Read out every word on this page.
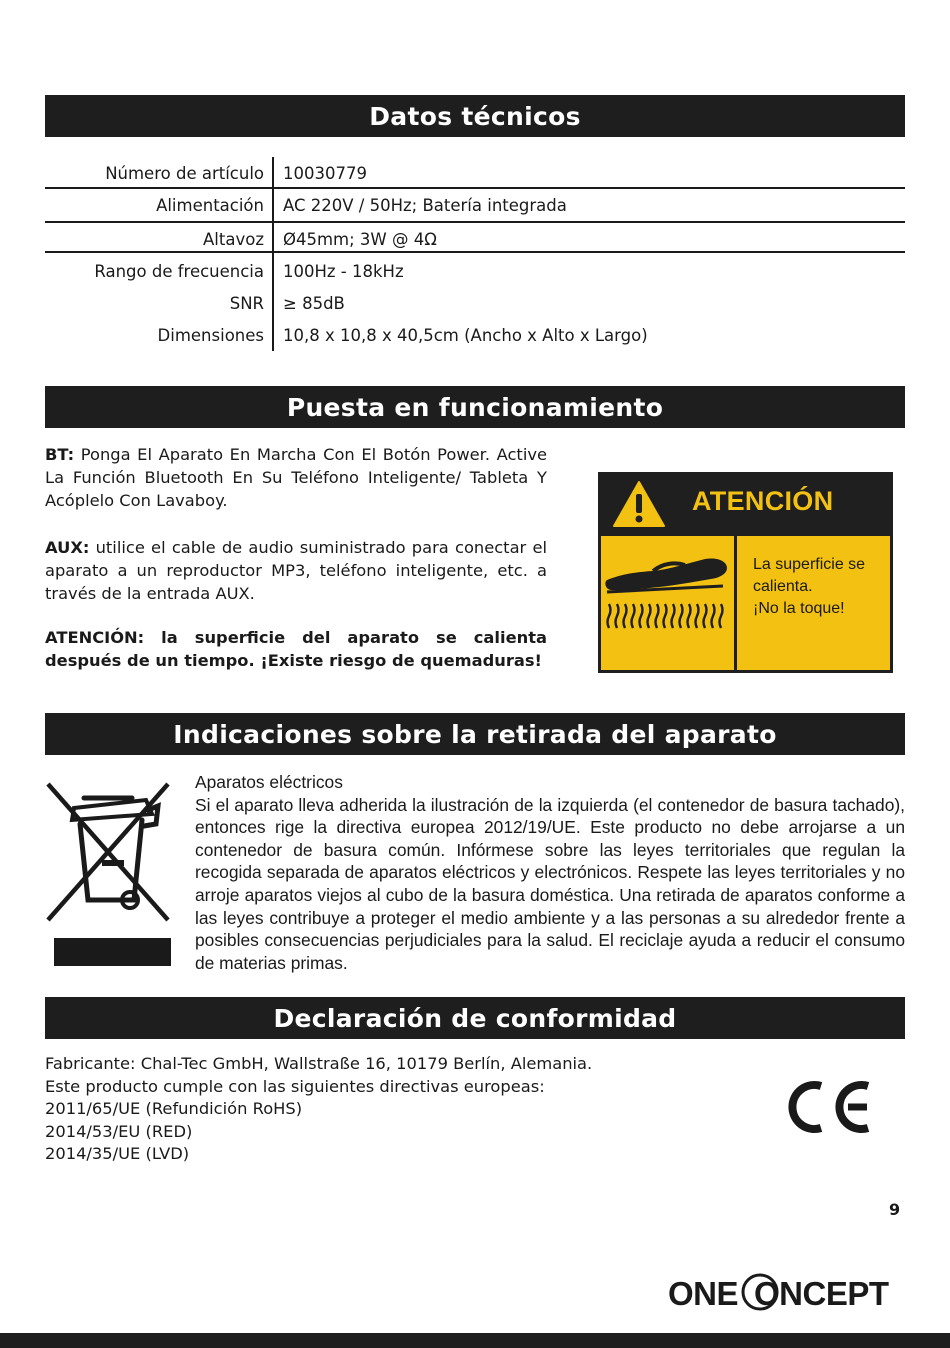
Datos técnicos
Número de artículo	10030779
Alimentación	AC 220V / 50Hz; Batería integrada
Altavoz	Ø45mm; 3W @ 4Ω
Rango de frecuencia	100Hz - 18kHz
SNR	≥ 85dB
Dimensiones	10,8 x 10,8 x 40,5cm (Ancho x Alto x Largo)
Puesta en funcionamiento
BT: Ponga El Aparato En Marcha Con El Botón Power. Active La Función Bluetooth En Su Teléfono Inteligente/ Tableta Y Acóplelo Con Lavaboy.
AUX: utilice el cable de audio suministrado para conectar el aparato a un reproductor MP3, teléfono inteligente, etc. a través de la entrada AUX.
ATENCIÓN: la superficie del aparato se calienta después de un tiempo. ¡Existe riesgo de quemaduras!
ATENCIÓN
La superficie se
calienta.
¡No la toque!
Indicaciones sobre la retirada del aparato
Aparatos eléctricos
Si el aparato lleva adherida la ilustración de la izquierda (el contenedor de basura tachado), entonces rige la directiva europea 2012/19/UE. Este producto no debe arrojarse a un contenedor de basura común. Infórmese sobre las leyes territoriales que regulan la recogida separada de aparatos eléctricos y electrónicos. Respete las leyes territoriales y no arroje aparatos viejos al cubo de la basura doméstica. Una retirada de aparatos conforme a las leyes contribuye a proteger el medio ambiente y a las personas a su alrededor frente a posibles consecuencias perjudiciales para la salud. El reciclaje ayuda a reducir el consumo de materias primas.
Declaración de conformidad
Fabricante: Chal-Tec GmbH, Wallstraße 16, 10179 Berlín, Alemania.
Este producto cumple con las siguientes directivas europeas:
2011/65/UE (Refundición RoHS)
2014/53/EU (RED)
2014/35/UE (LVD)
9
ONE ONCEPT
